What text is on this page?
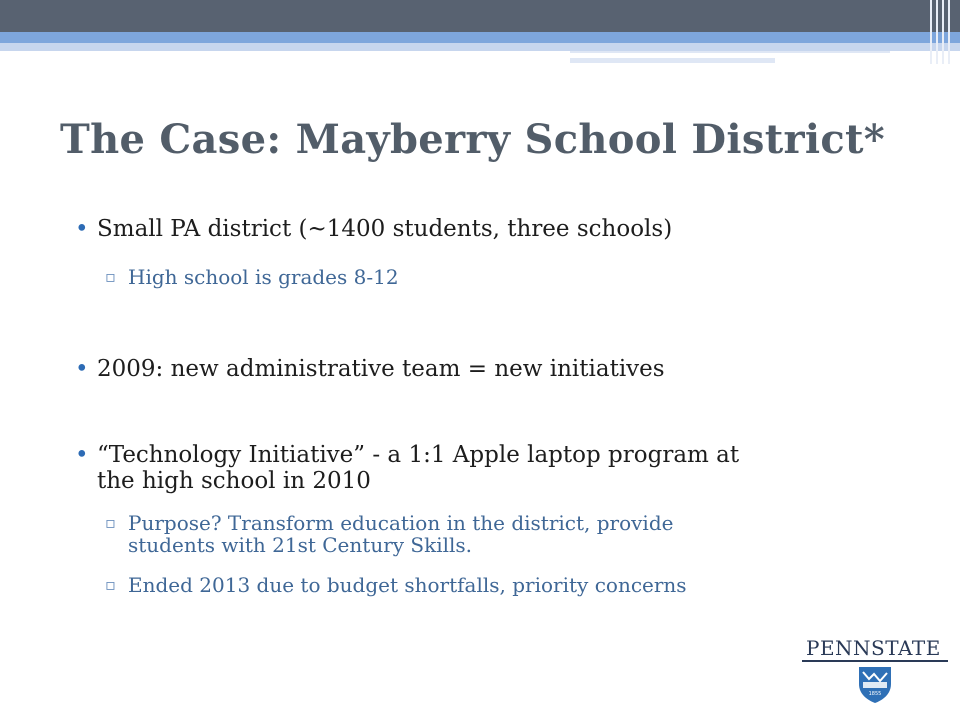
The Case: Mayberry School District*
• Small PA district (~1400 students, three schools)
▫ High school is grades 8-12
• 2009: new administrative team = new initiatives
• “Technology Initiative” - a 1:1 Apple laptop program at
the high school in 2010
▫ Purpose? Transform education in the district, provide
students with 21st Century Skills.
▫ Ended 2013 due to budget shortfalls, priority concerns
PENNSTATE
1855
